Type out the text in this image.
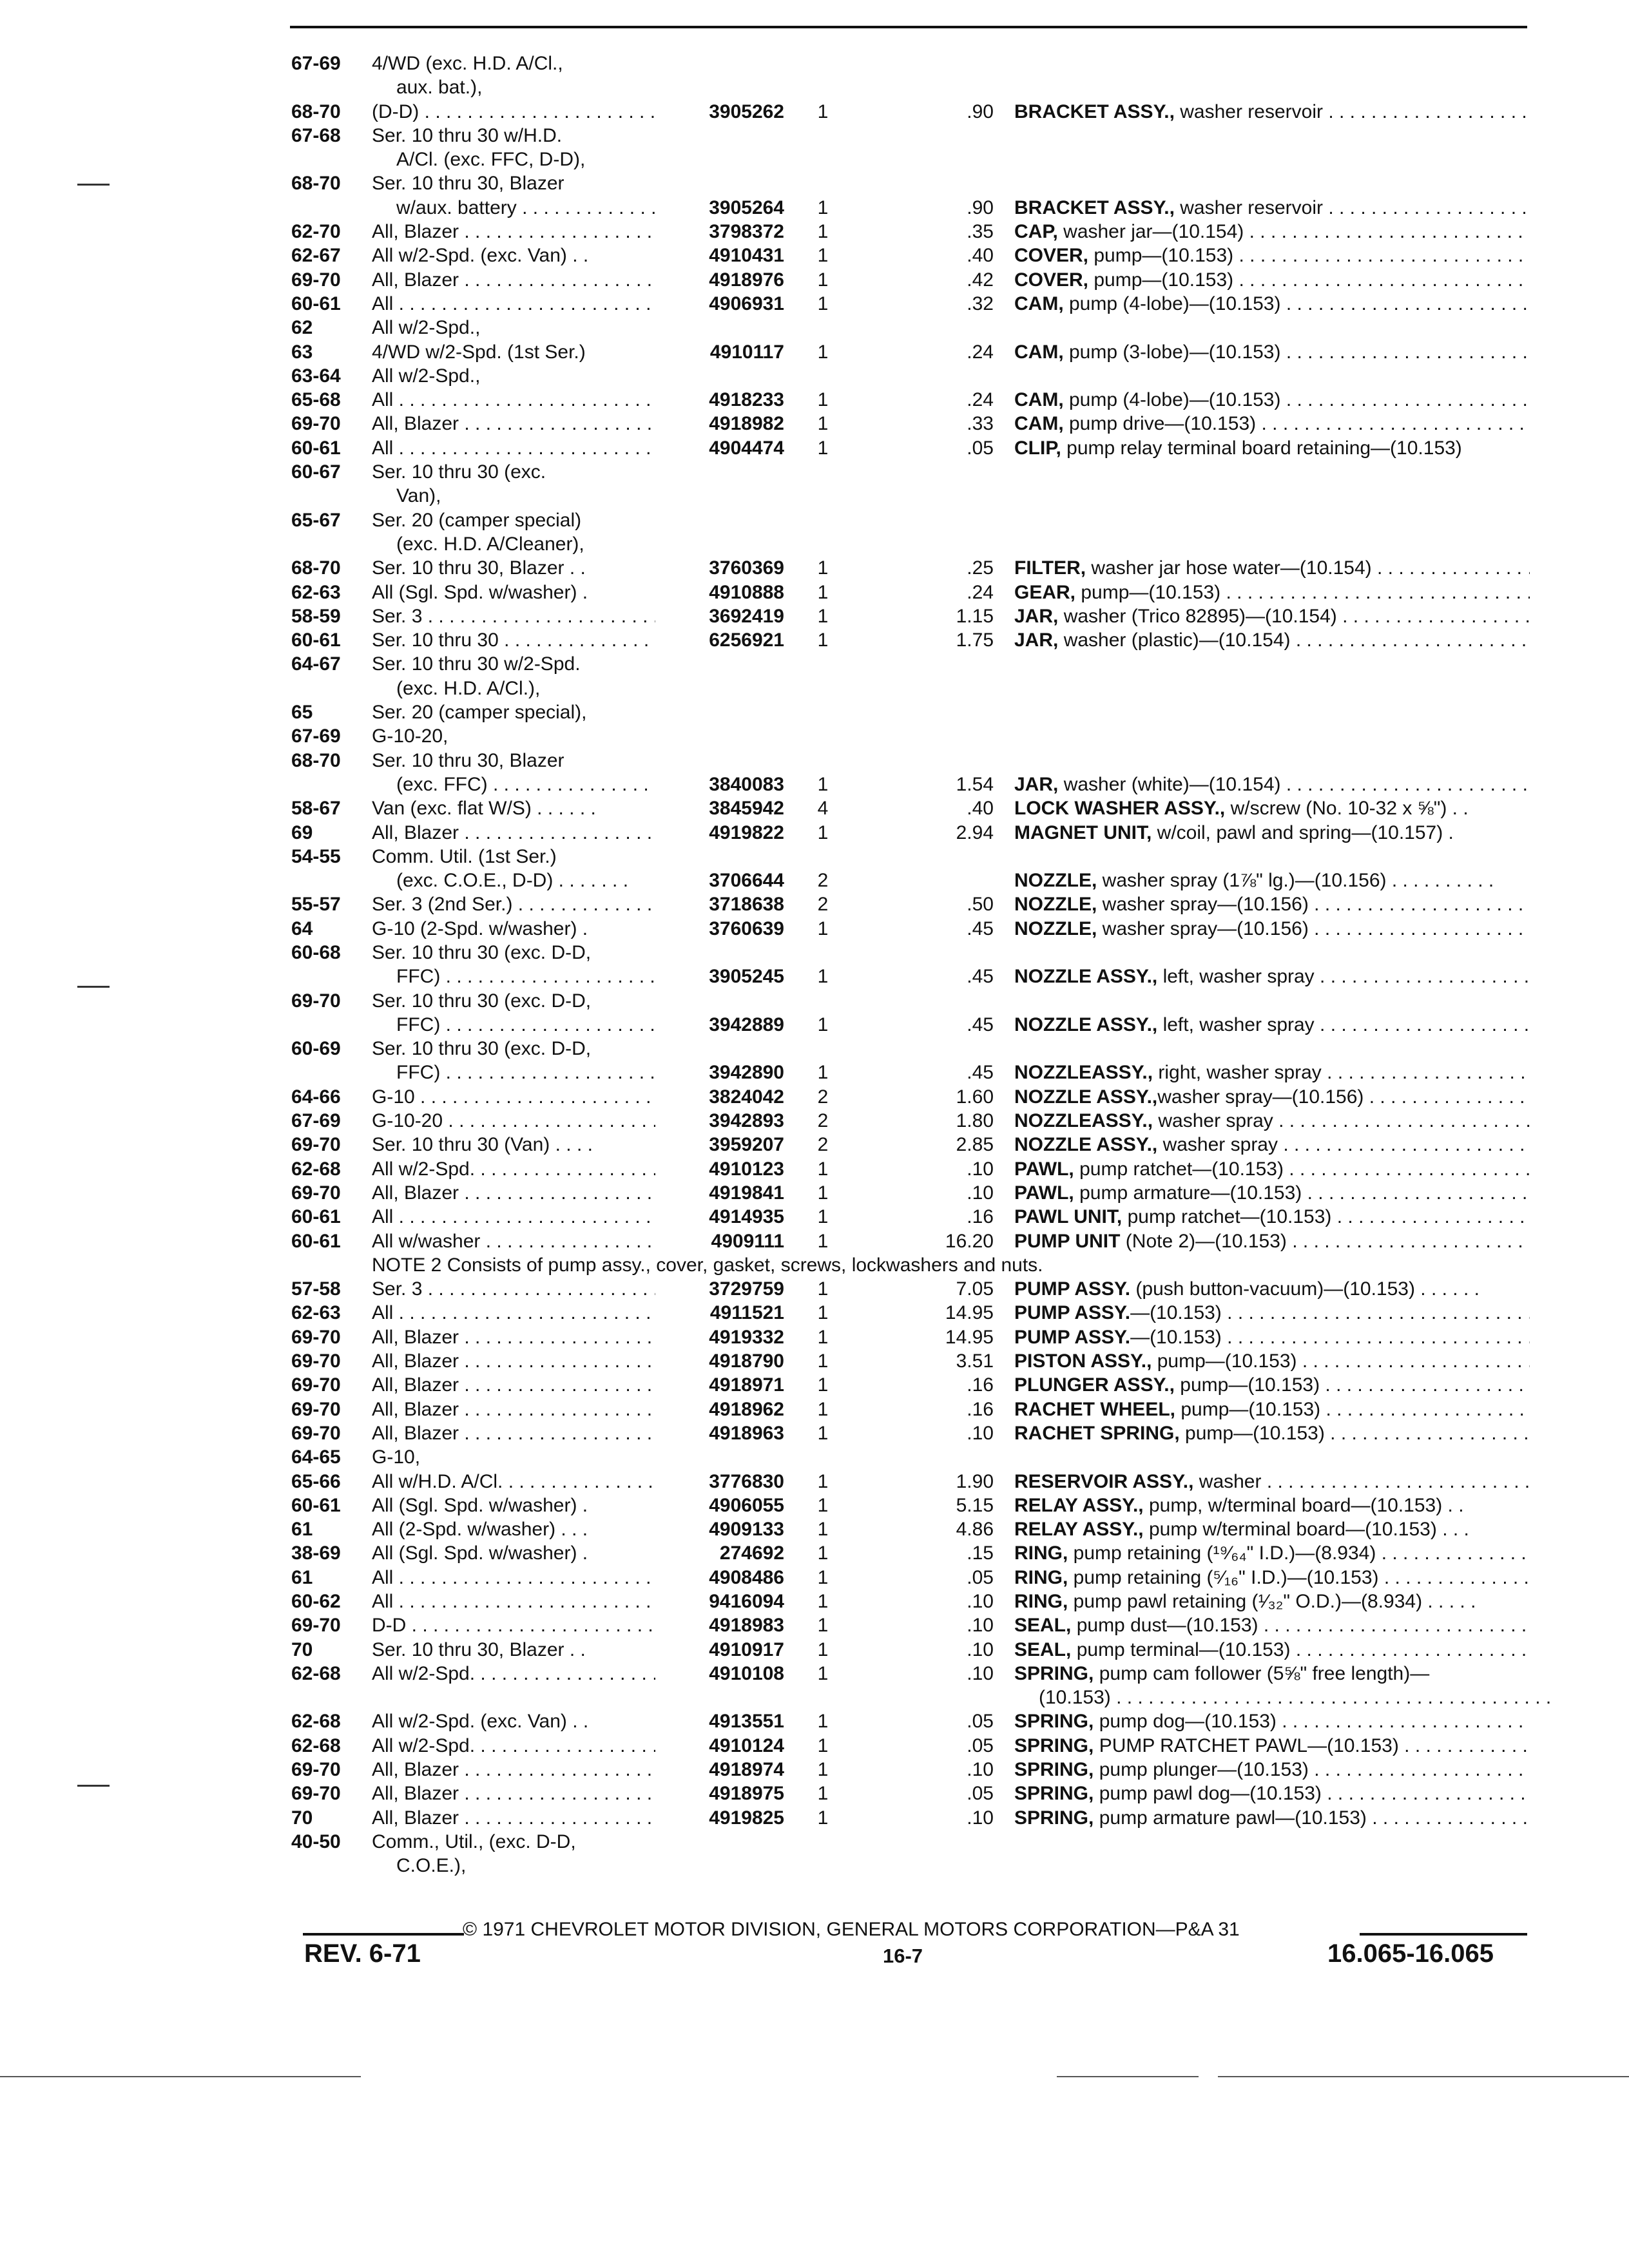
67-69	4/WD (exc. H.D. A/Cl.,
aux. bat.),
68-70	(D-D) . . .	3905262	1	.90 BRACKET ASSY., washer reservoir . . .
67-68	Ser. 10 thru 30 w/H.D.
A/Cl. (exc. FFC, D-D),
68-70	Ser. 10 thru 30, Blazer
w/aux. battery . . .	3905264	1	.90 BRACKET ASSY., washer reservoir . . .
62-70	All, Blazer . . .	3798372	1	.35 CAP, washer jar—(10.154) . . .
62-67	All w/2-Spd. (exc. Van) . .	4910431	1	.40 COVER, pump—(10.153) . . .
69-70	All, Blazer . . .	4918976	1	.42 COVER, pump—(10.153) . . .
60-61	All . . .	4906931	1	.32 CAM, pump (4-lobe)—(10.153) . . .
62	All w/2-Spd.,
63	4/WD w/2-Spd. (1st Ser.)	4910117	1	.24 CAM, pump (3-lobe)—(10.153) . . .
63-64	All w/2-Spd.,
65-68	All . . .	4918233	1	.24 CAM, pump (4-lobe)—(10.153) . . .
69-70	All, Blazer . . .	4918982	1	.33 CAM, pump drive—(10.153) . . .
60-61	All . . .	4904474	1	.05 CLIP, pump relay terminal board retaining—(10.153)
60-67	Ser. 10 thru 30 (exc.
Van),
65-67	Ser. 20 (camper special)
(exc. H.D. A/Cleaner),
68-70	Ser. 10 thru 30, Blazer . .	3760369	1	.25 FILTER, washer jar hose water—(10.154) . . .
62-63	All (Sgl. Spd. w/washer) .	4910888	1	.24 GEAR, pump—(10.153) . . .
58-59	Ser. 3 . . .	3692419	1	1.15 JAR, washer (Trico 82895)—(10.154) . . .
60-61	Ser. 10 thru 30 . . .	6256921	1	1.75 JAR, washer (plastic)—(10.154) . . .
64-67	Ser. 10 thru 30 w/2-Spd.
(exc. H.D. A/Cl.),
65	Ser. 20 (camper special),
67-69	G-10-20,
68-70	Ser. 10 thru 30, Blazer
(exc. FFC) . . .	3840083	1	1.54 JAR, washer (white)—(10.154) . . .
58-67	Van (exc. flat W/S) . . . . . .	3845942	4	.40 LOCK WASHER ASSY., w/screw (No. 10-32 x ⅝") . .
69	All, Blazer . . .	4919822	1	2.94 MAGNET UNIT, w/coil, pawl and spring—(10.157) .
54-55	Comm. Util. (1st Ser.)
(exc. C.O.E., D-D) . . . . . . .	3706644	2	NOZZLE, washer spray (1⅞" lg.)—(10.156) . . . . . . . . . .
55-57	Ser. 3 (2nd Ser.) . . .	3718638	2	.50 NOZZLE, washer spray—(10.156) . . .
64	G-10 (2-Spd. w/washer) .	3760639	1	.45 NOZZLE, washer spray—(10.156) . . .
60-68	Ser. 10 thru 30 (exc. D-D,
FFC) . . .	3905245	1	.45 NOZZLE ASSY., left, washer spray . . .
69-70	Ser. 10 thru 30 (exc. D-D,
FFC) . . .	3942889	1	.45 NOZZLE ASSY., left, washer spray . . .
60-69	Ser. 10 thru 30 (exc. D-D,
FFC) . . .	3942890	1	.45 NOZZLEASSY., right, washer spray . . .
64-66	G-10 . . .	3824042	2	1.60 NOZZLE ASSY.,washer spray—(10.156) . . .
67-69	G-10-20 . . .	3942893	2	1.80 NOZZLEASSY., washer spray . . .
69-70	Ser. 10 thru 30 (Van) . . . .	3959207	2	2.85 NOZZLE ASSY., washer spray . . .
62-68	All w/2-Spd. . . .	4910123	1	.10 PAWL, pump ratchet—(10.153) . . .
69-70	All, Blazer . . .	4919841	1	.10 PAWL, pump armature—(10.153) . . .
60-61	All . . .	4914935	1	.16 PAWL UNIT, pump ratchet—(10.153) . . .
60-61	All w/washer . . .	4909111	1	16.20 PUMP UNIT (Note 2)—(10.153) . . .
NOTE 2 Consists of pump assy., cover, gasket, screws, lockwashers and nuts.
57-58	Ser. 3 . . .	3729759	1	7.05 PUMP ASSY. (push button-vacuum)—(10.153) . . . . . .
62-63	All . . .	4911521	1	14.95 PUMP ASSY.—(10.153) . . .
69-70	All, Blazer . . .	4919332	1	14.95 PUMP ASSY.—(10.153) . . .
69-70	All, Blazer . . .	4918790	1	3.51 PISTON ASSY., pump—(10.153) . . .
69-70	All, Blazer . . .	4918971	1	.16 PLUNGER ASSY., pump—(10.153) . . .
69-70	All, Blazer . . .	4918962	1	.16 RACHET WHEEL, pump—(10.153) . . .
69-70	All, Blazer . . .	4918963	1	.10 RACHET SPRING, pump—(10.153) . . .
64-65	G-10,
65-66	All w/H.D. A/Cl. . . .	3776830	1	1.90 RESERVOIR ASSY., washer . . .
60-61	All (Sgl. Spd. w/washer) .	4906055	1	5.15 RELAY ASSY., pump, w/terminal board—(10.153) . .
61	All (2-Spd. w/washer) . . .	4909133	1	4.86 RELAY ASSY., pump w/terminal board—(10.153) . . .
38-69	All (Sgl. Spd. w/washer) .	274692	1	.15 RING, pump retaining (¹⁹⁄₆₄" I.D.)—(8.934) . . .
61	All . . .	4908486	1	.05 RING, pump retaining (⁵⁄₁₆" I.D.)—(10.153) . . .
60-62	All . . .	9416094	1	.10 RING, pump pawl retaining (¹⁄₃₂" O.D.)—(8.934) . . . . .
69-70	D-D . . .	4918983	1	.10 SEAL, pump dust—(10.153) . . .
70	Ser. 10 thru 30, Blazer . .	4910917	1	.10 SEAL, pump terminal—(10.153) . . .
62-68	All w/2-Spd. . . .	4910108	1	.10 SPRING, pump cam follower (5⅝" free length)—
(10.153) . . .
62-68	All w/2-Spd. (exc. Van) . .	4913551	1	.05 SPRING, pump dog—(10.153) . . .
62-68	All w/2-Spd. . . .	4910124	1	.05 SPRING, PUMP RATCHET PAWL—(10.153) . . .
69-70	All, Blazer . . .	4918974	1	.10 SPRING, pump plunger—(10.153) . . .
69-70	All, Blazer . . .	4918975	1	.05 SPRING, pump pawl dog—(10.153) . . .
70	All, Blazer . . .	4919825	1	.10 SPRING, pump armature pawl—(10.153) . . .
40-50	Comm., Util., (exc. D-D,
C.O.E.),
© 1971 CHEVROLET MOTOR DIVISION, GENERAL MOTORS CORPORATION—P&A 31
REV. 6-71	16-7	16.065-16.065
